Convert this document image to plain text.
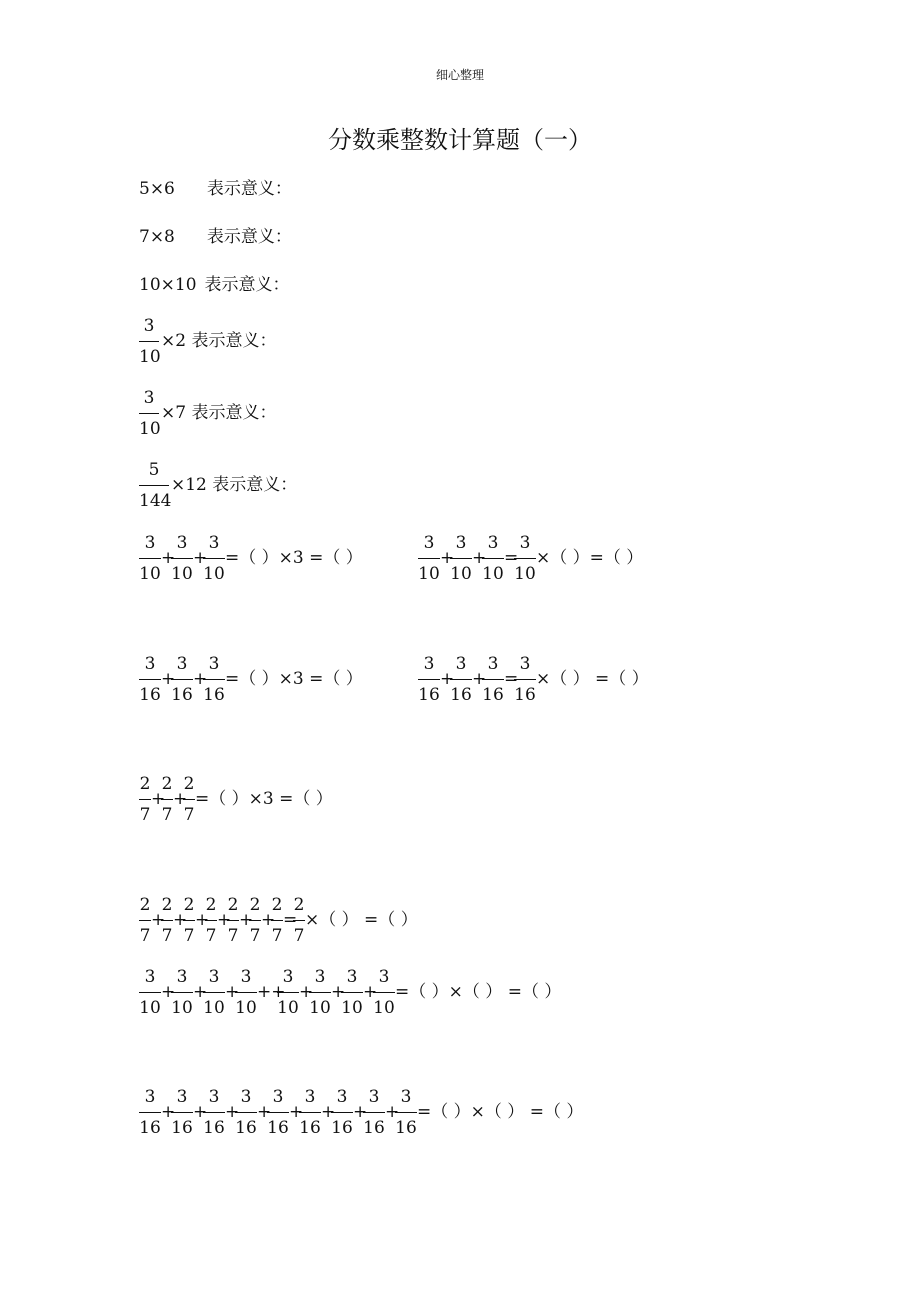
细心整理
分数乘整数计算题（一）
5×6 表示意义：
7×8 表示意义：
10×10 表示意义：
3
10
×2 表示意义：
3
10
×7 表示意义：
5
144
×12 表示意义：
3
10
+
3
10
+
3
10
=（ ）×3 =（ ）
3
10
+
3
10
+
3
10
=
3
10
×（ ）=（ ）
3
16
+
3
16
+
3
16
=（ ）×3 =（ ）
3
16
+
3
16
+
3
16
=
3
16
×（ ） =（ ）
2
7
+
2
7
+
2
7
=（ ）×3 =（ ）
2
7
+
2
7
+
2
7
+
2
7
+
2
7
+
2
7
+
2
7
=
2
7
×（ ） =（ ）
3
10
+
3
10
+
3
10
+
3
10
++
3
10
+
3
10
+
3
10
+
3
10
=（ ）×（ ） =（ ）
3
16
+
3
16
+
3
16
+
3
16
+
3
16
+
3
16
+
3
16
+
3
16
+
3
16
=（ ）×（ ） =（ ）
